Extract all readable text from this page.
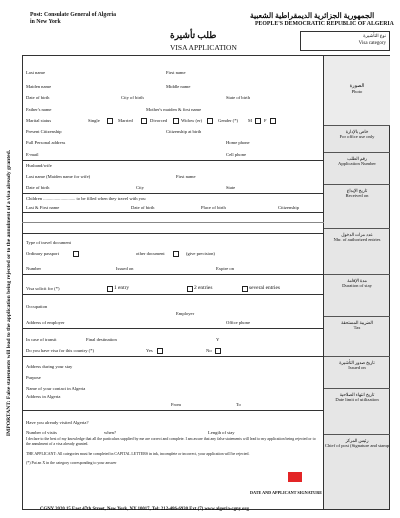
IMPORTANT: False statements will lead to the application being rejected or to the annulment of a visa already granted.
Post: Consulate General of Algeria
in New York
الجمهورية الجزائرية الديمقراطية الشعبية
PEOPLE'S DEMOCRATIC REPUBLIC OF ALGERIA
طلب تأشيرة
VISA APPLICATION
نوع التأشيرة
Visa category
الصورة
Photo
خاص بالإدارة
For office use only
رقم الطلب
Application Number
تاريخ الإيداع
Received on
عدد مرات الدخول
Nbr. of authorized entries
مدة الإقامة
Duration of stay
الضريبة المستحقة
Tax
تاريخ صدور التأشيرة
Issued on
تاريخ انتهاء الصلاحية
Date limit of utilization
رئيس المركز
Chief of post (Signature and stamp
Last name	First name
Maiden name	Middle name
Date of birth	City of birth	State of birth
Father's name	Mother's maiden & first name
Marital status	Single	Married	Divorced	Widow (er)	Gender (*) M	F
Present Citizenship	Citizenship at birth
Full Personal address	Home phone
E-mail	Cell phone
Husband/wife
Last name (Maiden name for wife)	First name
Date of birth	City	State
Children ............................ to be filled when they travel with you
Last & First name	Date of birth	Place of birth	Citizenship
Type of travel document
Ordinary passport	other document	(give precision)
Number	Issued on	Expire on
Visa solicit for (*)	1 entry	2 entries	several entries
Occupation
Employer
Address of employer	Office phone
In case of transit	Final destination	Y
Do you have visa for this country (*)	Yes	No
Address during your stay
Purpose
Name of your contact in Algeria
Address in Algeria
From	To
Have you already visited Algeria?
Number of visits	when?	Length of stay
I declare to the best of my knowledge that all the particulars supplied by me are correct and complete. I am aware that any false statements will lead to my application being rejected or to the annulment of a visa already granted.
THE APPLICANT: All categories must be completed in CAPITAL LETTERS in ink, incomplete or incorrect, your application will be rejected.
(*) Put an X in the category corresponding to your answer
DATE AND APPLICANT SIGNATURE
CGNY 2020 15 East 47th Street, New York, NY 10017, Tel: 212-486-6930 Ext (7) www.algeria-cgny.org
